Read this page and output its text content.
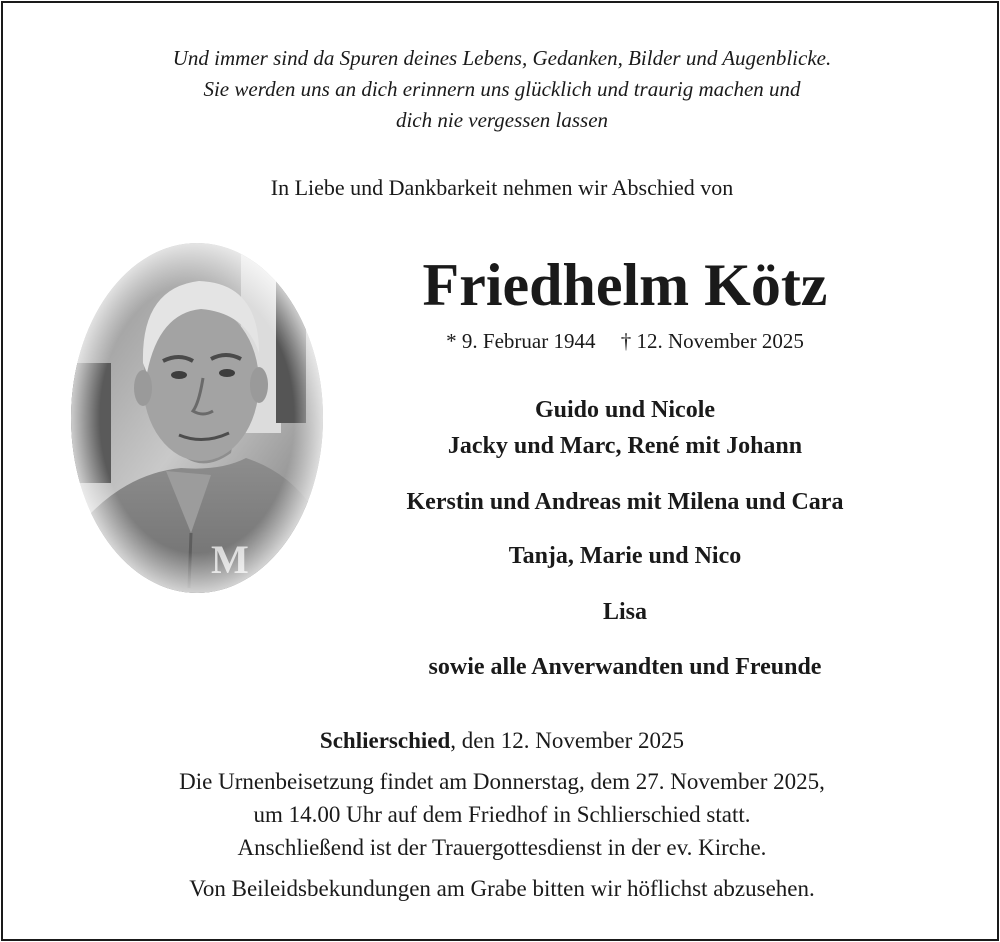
Und immer sind da Spuren deines Lebens, Gedanken, Bilder und Augenblicke.
Sie werden uns an dich erinnern uns glücklich und traurig machen und
dich nie vergessen lassen
In Liebe und Dankbarkeit nehmen wir Abschied von
Friedhelm Kötz
* 9. Februar 1944 † 12. November 2025
Guido und Nicole
Jacky und Marc, René mit Johann
Kerstin und Andreas mit Milena und Cara
Tanja, Marie und Nico
Lisa
sowie alle Anverwandten und Freunde
Schlierschied, den 12. November 2025
Die Urnenbeisetzung findet am Donnerstag, dem 27. November 2025,
um 14.00 Uhr auf dem Friedhof in Schlierschied statt.
Anschließend ist der Trauergottesdienst in der ev. Kirche.
Von Beileidsbekundungen am Grabe bitten wir höflichst abzusehen.
